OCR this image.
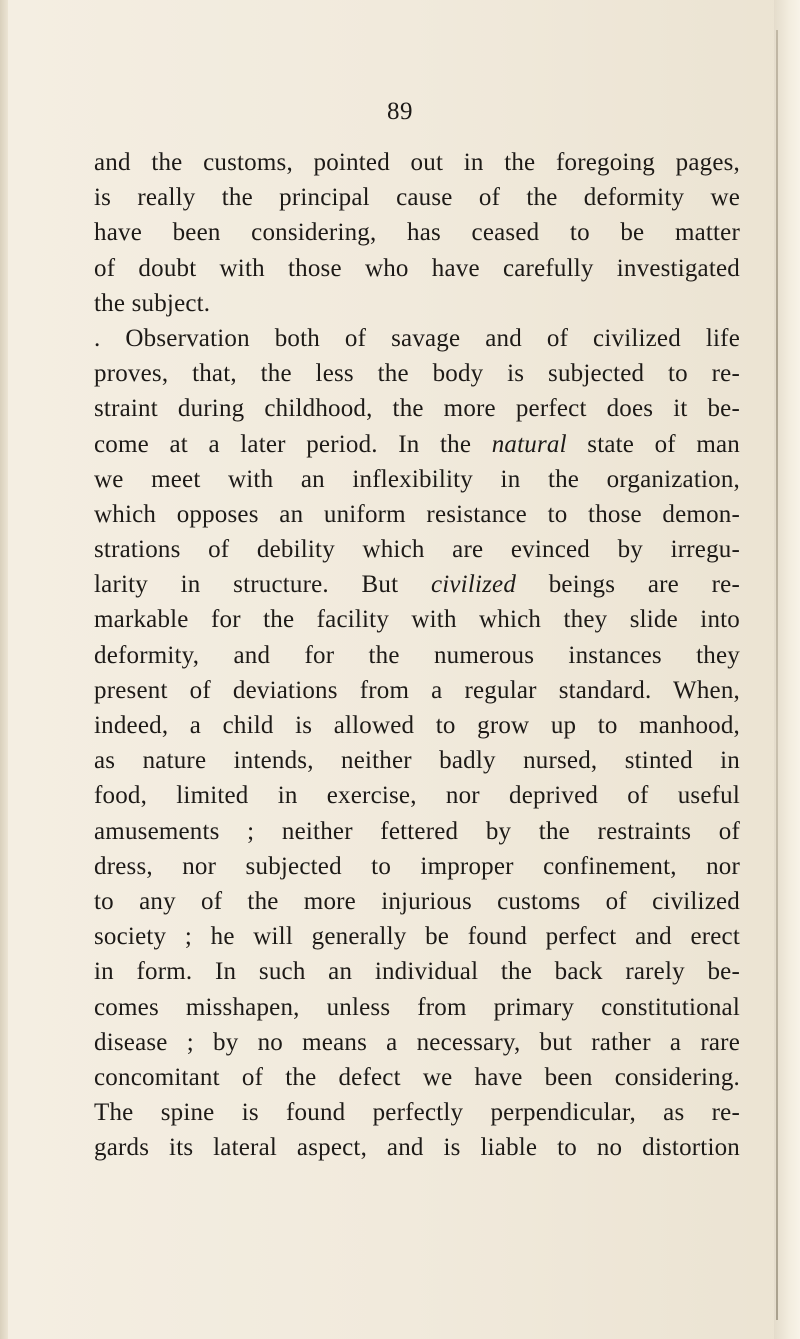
89
and the customs, pointed out in the foregoing pages,
is really the principal cause of the deformity we
have been considering, has ceased to be matter
of doubt with those who have carefully investigated
the subject.
. Observation both of savage and of civilized life
proves, that, the less the body is subjected to re-
straint during childhood, the more perfect does it be-
come at a later period. In the natural state of man
we meet with an inflexibility in the organization,
which opposes an uniform resistance to those demon-
strations of debility which are evinced by irregu-
larity in structure. But civilized beings are re-
markable for the facility with which they slide into
deformity, and for the numerous instances they
present of deviations from a regular standard. When,
indeed, a child is allowed to grow up to manhood,
as nature intends, neither badly nursed, stinted in
food, limited in exercise, nor deprived of useful
amusements ; neither fettered by the restraints of
dress, nor subjected to improper confinement, nor
to any of the more injurious customs of civilized
society ; he will generally be found perfect and erect
in form. In such an individual the back rarely be-
comes misshapen, unless from primary constitutional
disease ; by no means a necessary, but rather a rare
concomitant of the defect we have been considering.
The spine is found perfectly perpendicular, as re-
gards its lateral aspect, and is liable to no distortion
